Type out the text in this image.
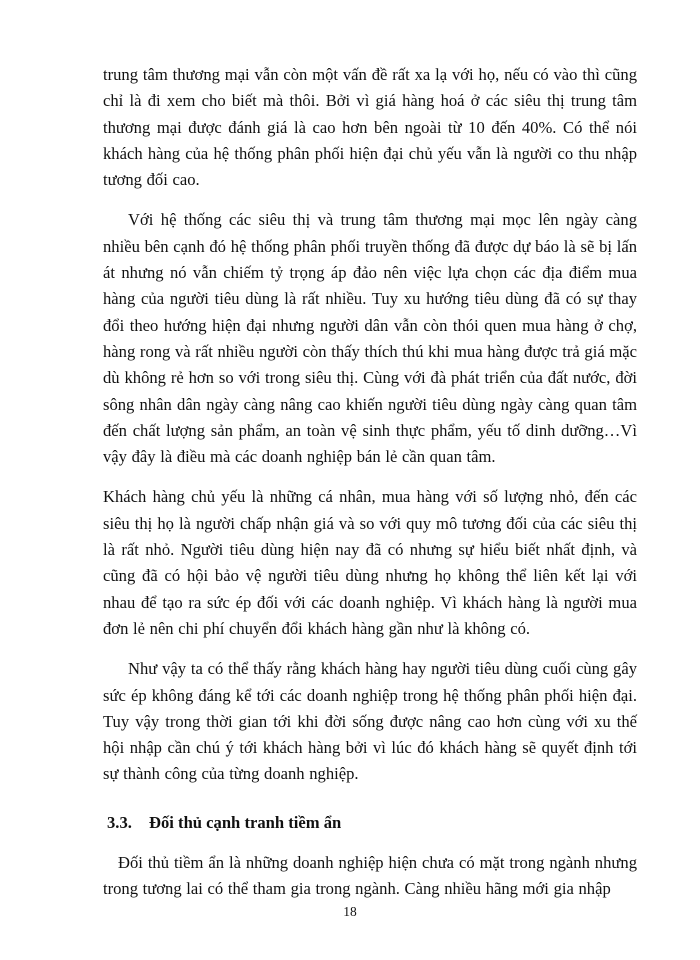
trung tâm thương mại vẫn còn một vấn đề rất xa lạ với họ, nếu có vào thì cũng chỉ là đi xem cho biết mà thôi. Bởi vì giá hàng hoá ở các siêu thị trung tâm thương mại được đánh giá là cao hơn bên ngoài từ 10 đến 40%. Có thể nói khách hàng của hệ thống phân phối hiện đại chủ yếu vẫn là người co thu nhập tương đối cao.

Với hệ thống các siêu thị và trung tâm thương mại mọc lên ngày càng nhiều bên cạnh đó hệ thống phân phối truyền thống đã được dự báo là sẽ bị lấn át nhưng nó vẫn chiếm tỷ trọng áp đảo nên việc lựa chọn các địa điểm mua hàng của người tiêu dùng là rất nhiều. Tuy xu hướng tiêu dùng đã có sự thay đổi theo hướng hiện đại nhưng người dân vẫn còn thói quen mua hàng ở chợ, hàng rong và rất nhiều người còn thấy thích thú khi mua hàng được trả giá mặc dù không rẻ hơn so với trong siêu thị. Cùng với đà phát triển của đất nước, đời sông nhân dân ngày càng nâng cao khiến người tiêu dùng ngày càng quan tâm đến chất lượng sản phẩm, an toàn vệ sinh thực phẩm, yếu tố dinh dưỡng…Vì vậy đây là điều mà các doanh nghiệp bán lẻ cần quan tâm.

Khách hàng chủ yếu là những cá nhân, mua hàng với số lượng nhỏ, đến các siêu thị họ là người chấp nhận giá và so với quy mô tương đối của các siêu thị là rất nhỏ. Người tiêu dùng hiện nay đã có nhưng sự hiểu biết nhất định, và cũng đã có hội bảo vệ người tiêu dùng nhưng họ không thể liên kết lại với nhau để tạo ra sức ép đối với các doanh nghiệp. Vì khách hàng là người mua đơn lẻ nên chi phí chuyển đổi khách hàng gần như là không có.

Như vậy ta có thể thấy rằng khách hàng hay người tiêu dùng cuối cùng gây sức ép không đáng kể tới các doanh nghiệp trong hệ thống phân phối hiện đại. Tuy vậy trong thời gian tới khi đời sống được nâng cao hơn cùng với xu thế hội nhập cần chú ý tới khách hàng bởi vì lúc đó khách hàng sẽ quyết định tới sự thành công của từng doanh nghiệp.

3.3.	Đối thủ cạnh tranh tiềm ẩn

Đối thủ tiềm ẩn là những doanh nghiệp hiện chưa có mặt trong ngành nhưng trong tương lai có thể tham gia trong ngành. Càng nhiều hãng mới gia nhập

18
